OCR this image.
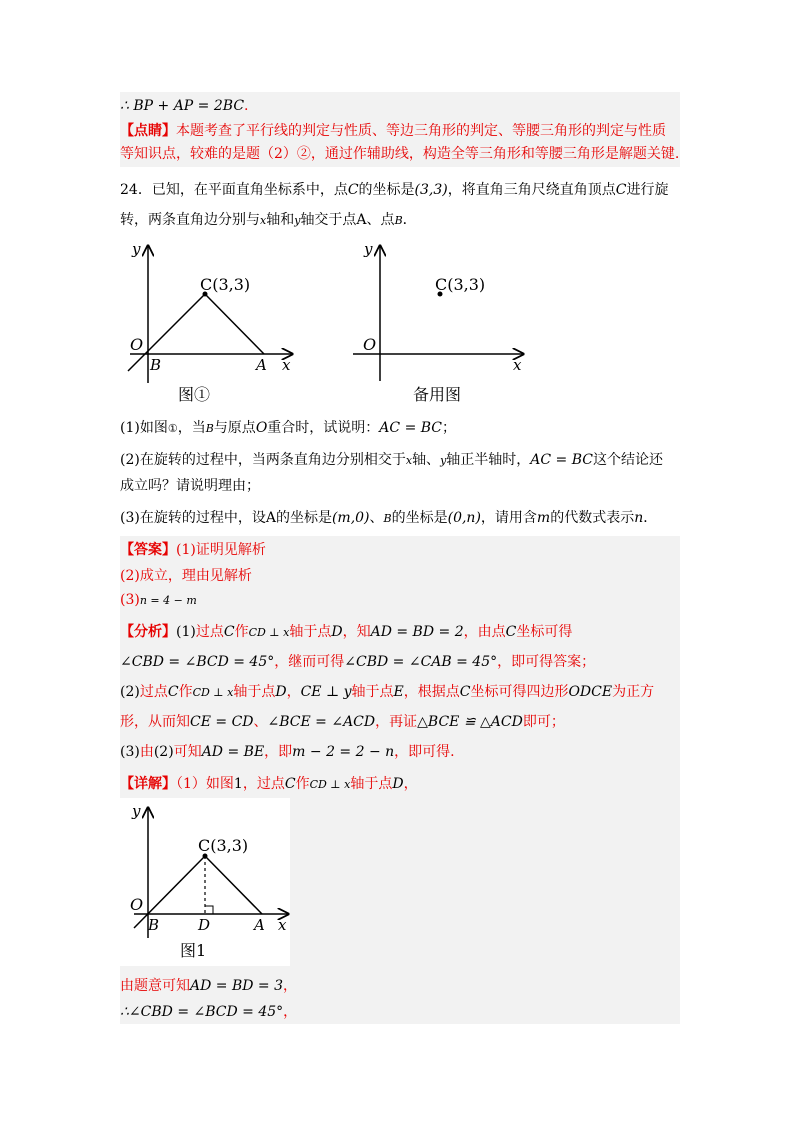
∴ BP + AP = 2BC.
【点睛】本题考查了平行线的判定与性质、等边三角形的判定、等腰三角形的判定与性质
等知识点，较难的是题（2）②，通过作辅助线，构造全等三角形和等腰三角形是解题关键.
24．已知，在平面直角坐标系中，点C的坐标是(3,3)，将直角三角尺绕直角顶点C进行旋
转，两条直角边分别与x轴和y轴交于点A、点B．
y
x
O
B	A
C(3,3)
图①
y
x
O
C(3,3)
备用图
(1)如图①，当B与原点O重合时，试说明：AC = BC；
(2)在旋转的过程中，当两条直角边分别相交于x轴、y轴正半轴时，AC = BC这个结论还
成立吗？请说明理由；
(3)在旋转的过程中，设A的坐标是(m,0)、B的坐标是(0,n)，请用含m的代数式表示n．
【答案】(1)证明见解析
(2)成立，理由见解析
(3)n = 4 − m
【分析】(1)过点C作CD ⊥ x轴于点D，知AD = BD = 2，由点C坐标可得
∠CBD = ∠BCD = 45°，继而可得∠CBD = ∠CAB = 45°，即可得答案；
(2)过点C作CD ⊥ x轴于点D，CE ⊥ y轴于点E，根据点C坐标可得四边形ODCE为正方
形，从而知CE = CD、∠BCE = ∠ACD，再证△BCE ≌ △ACD即可；
(3)由(2)可知AD = BE，即m − 2 = 2 − n，即可得.
【详解】（1）如图1，过点C作CD ⊥ x轴于点D，
y
x
O
B	D	A
C(3,3)
图1
由题意可知AD = BD = 3，
∴∠CBD = ∠BCD = 45°，
